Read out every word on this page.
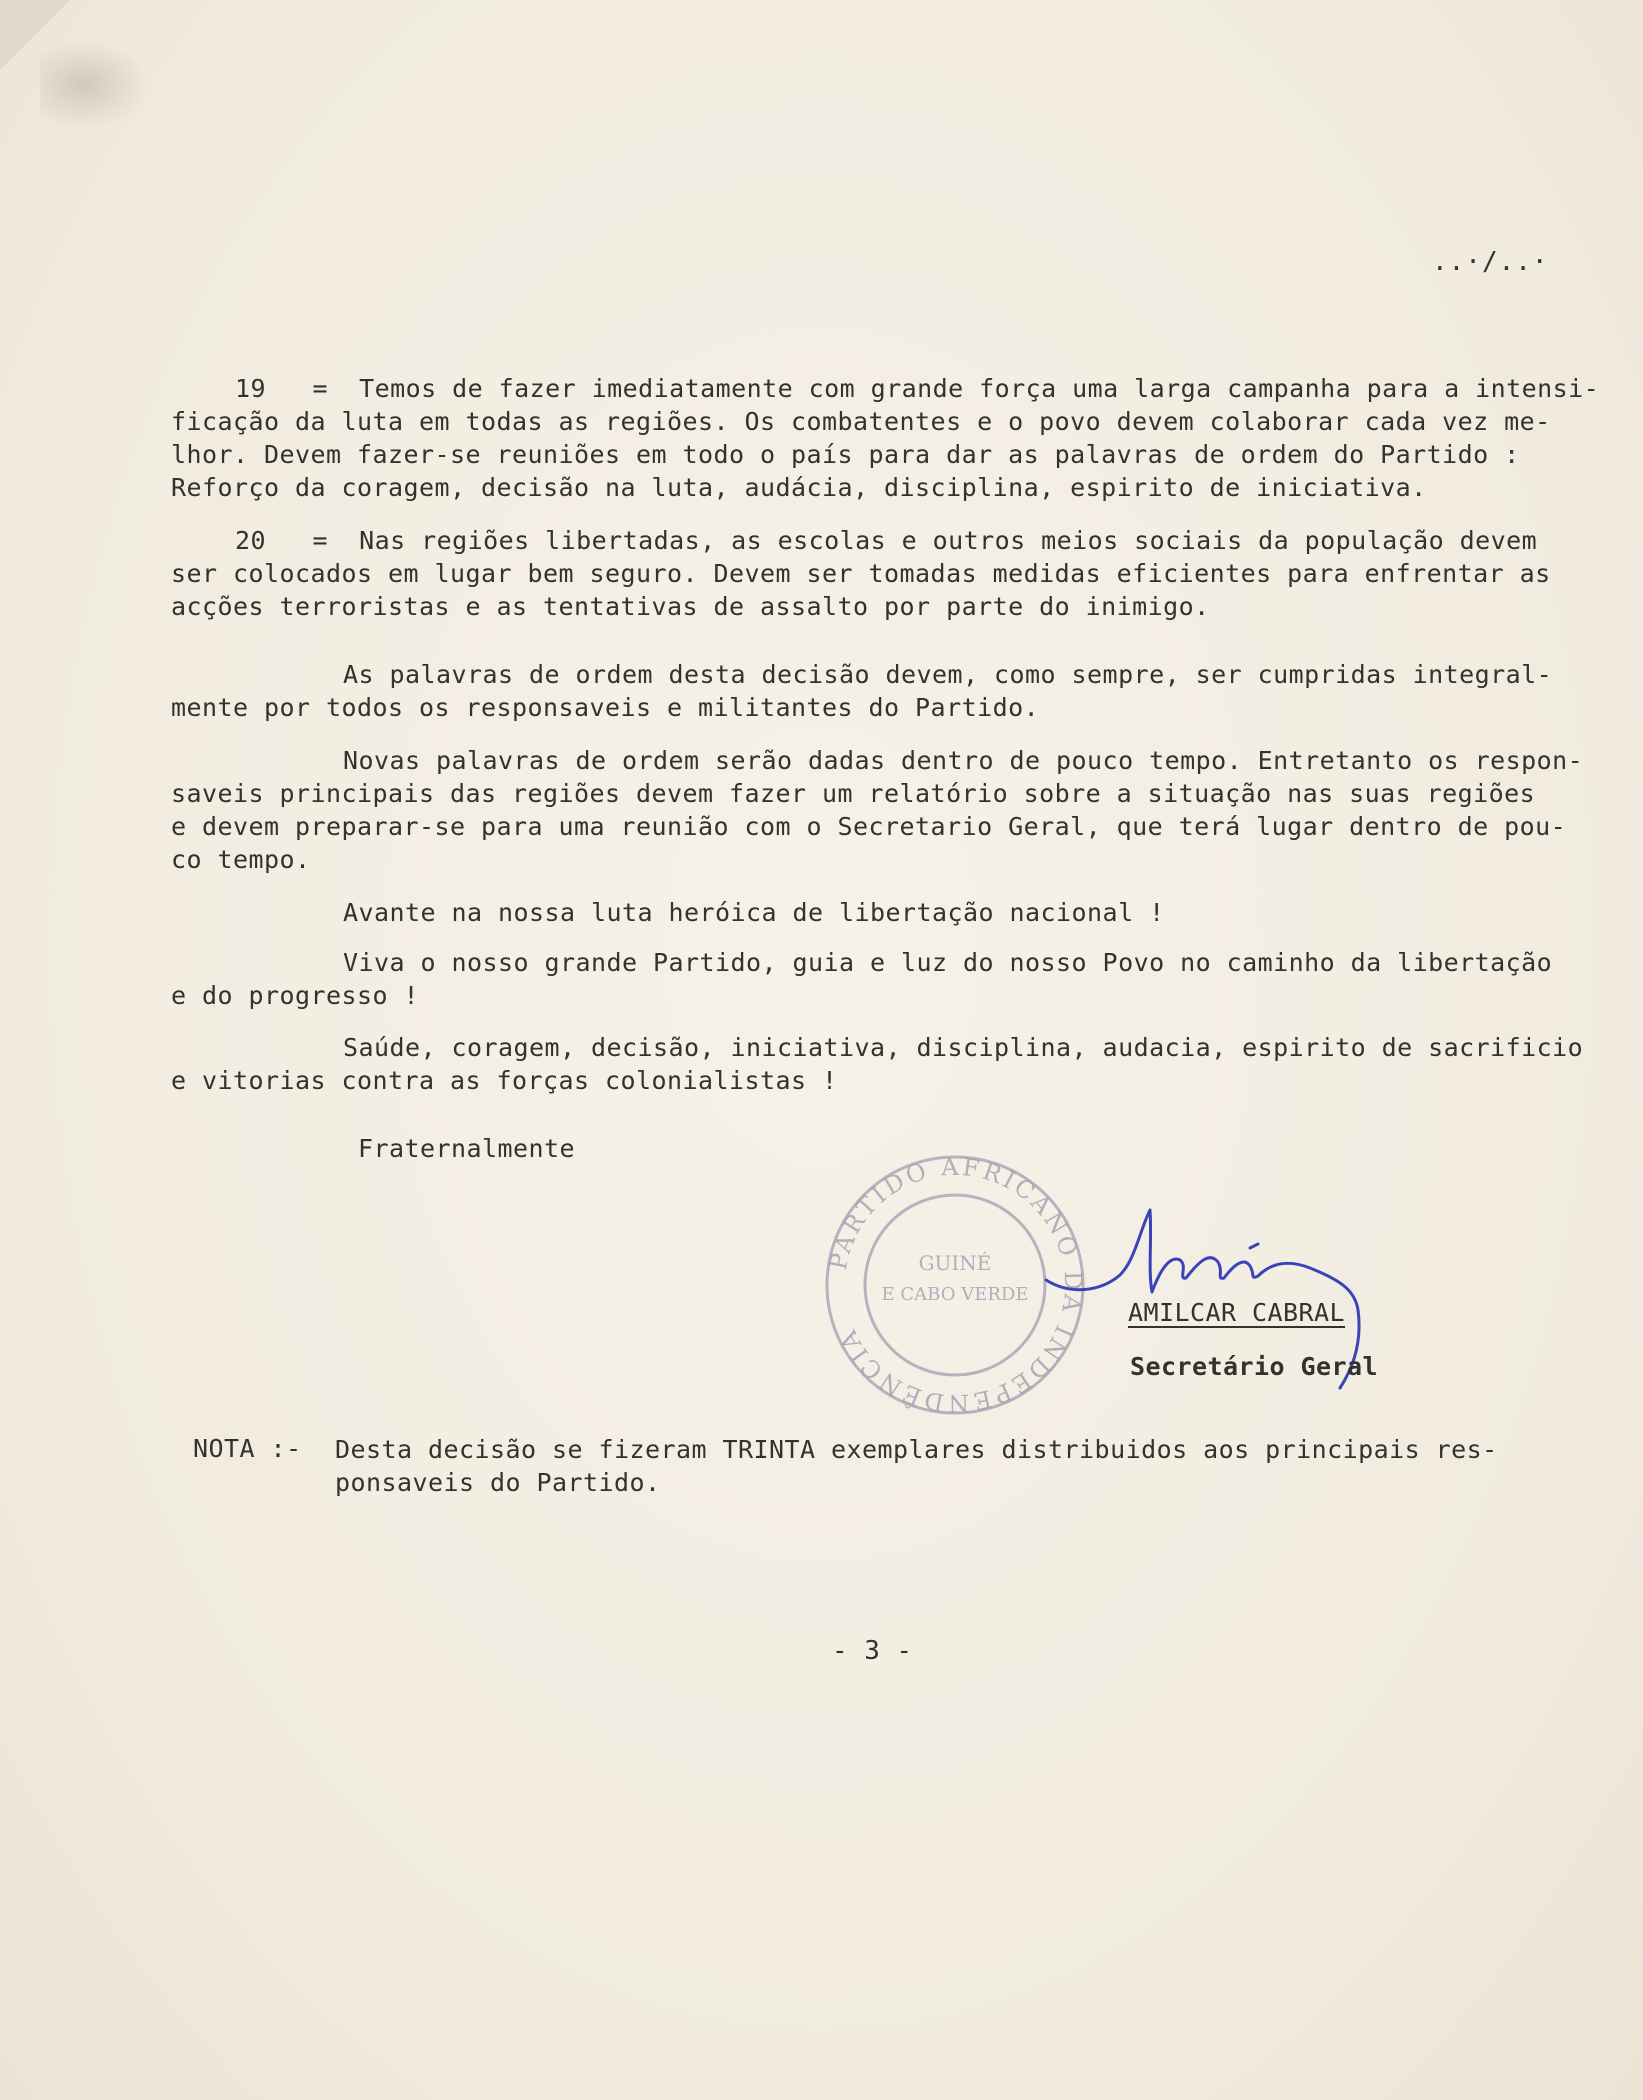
..·/..·
19 = Temos de fazer imediatamente com grande força uma larga campanha para a intensi-
ficação da luta em todas as regiões. Os combatentes e o povo devem colaborar cada vez me-
lhor. Devem fazer-se reuniões em todo o país para dar as palavras de ordem do Partido :
Reforço da coragem, decisão na luta, audácia, disciplina, espirito de iniciativa.
20 = Nas regiões libertadas, as escolas e outros meios sociais da população devem
ser colocados em lugar bem seguro. Devem ser tomadas medidas eficientes para enfrentar as
acções terroristas e as tentativas de assalto por parte do inimigo.
As palavras de ordem desta decisão devem, como sempre, ser cumpridas integral-
mente por todos os responsaveis e militantes do Partido.
Novas palavras de ordem serão dadas dentro de pouco tempo. Entretanto os respon-
saveis principais das regiões devem fazer um relatório sobre a situação nas suas regiões
e devem preparar-se para uma reunião com o Secretario Geral, que terá lugar dentro de pou-
co tempo.
Avante na nossa luta heróica de libertação nacional !
Viva o nosso grande Partido, guia e luz do nosso Povo no caminho da libertação
e do progresso !
Saúde, coragem, decisão, iniciativa, disciplina, audacia, espirito de sacrificio
e vitorias contra as forças colonialistas !
Fraternalmente
PARTIDO AFRICANO DA INDEPENDÊNCIA
GUINÉ
E CABO VERDE
AMILCAR CABRAL
Secretário Geral
NOTA :- Desta decisão se fizeram TRINTA exemplares distribuidos aos principais res-
ponsaveis do Partido.
- 3 -
